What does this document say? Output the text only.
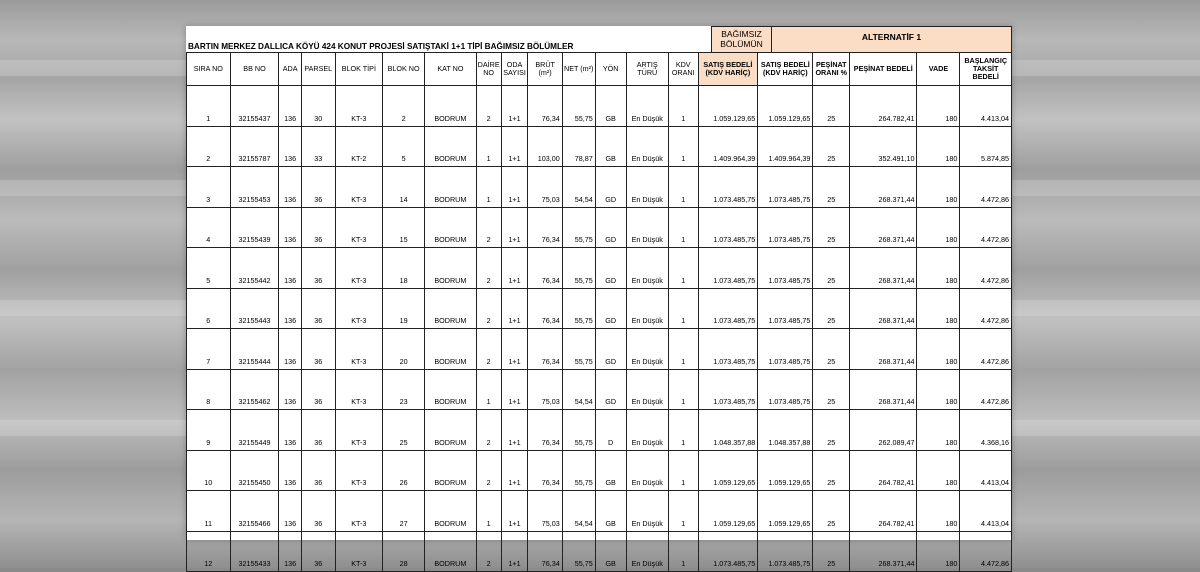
BARTIN MERKEZ DALLICA KÖYÜ 424 KONUT PROJESİ SATIŞTAKİ 1+1 TİPİ BAĞIMSIZ BÖLÜMLER
BAĞIMSIZ BÖLÜMÜN
ALTERNATİF 1
SIRA NO	BB NO	ADA	PARSEL	BLOK TİPİ	BLOK NO	KAT NO	DAİRE NO	ODA SAYISI	BRÜT (m²)	NET (m²)	YÖN	ARTIŞ TÜRÜ	KDV ORANI	SATIŞ BEDELİ (KDV HARİÇ)	SATIŞ BEDELİ (KDV HARİÇ)	PEŞİNAT ORANI %	PEŞİNAT BEDELİ	VADE	BAŞLANGIÇ TAKSİT BEDELİ
1	32155437	136	30	KT-3	2	BODRUM	2	1+1	76,34	55,75	GB	En Düşük	1	1.059.129,65	1.059.129,65	25	264.782,41	180	4.413,04
2	32155787	136	33	KT-2	5	BODRUM	1	1+1	103,00	78,87	GB	En Düşük	1	1.409.964,39	1.409.964,39	25	352.491,10	180	5.874,85
3	32155453	136	36	KT-3	14	BODRUM	1	1+1	75,03	54,54	GD	En Düşük	1	1.073.485,75	1.073.485,75	25	268.371,44	180	4.472,86
4	32155439	136	36	KT-3	15	BODRUM	2	1+1	76,34	55,75	GD	En Düşük	1	1.073.485,75	1.073.485,75	25	268.371,44	180	4.472,86
5	32155442	136	36	KT-3	18	BODRUM	2	1+1	76,34	55,75	GD	En Düşük	1	1.073.485,75	1.073.485,75	25	268.371,44	180	4.472,86
6	32155443	136	36	KT-3	19	BODRUM	2	1+1	76,34	55,75	GD	En Düşük	1	1.073.485,75	1.073.485,75	25	268.371,44	180	4.472,86
7	32155444	136	36	KT-3	20	BODRUM	2	1+1	76,34	55,75	GD	En Düşük	1	1.073.485,75	1.073.485,75	25	268.371,44	180	4.472,86
8	32155462	136	36	KT-3	23	BODRUM	1	1+1	75,03	54,54	GD	En Düşük	1	1.073.485,75	1.073.485,75	25	268.371,44	180	4.472,86
9	32155449	136	36	KT-3	25	BODRUM	2	1+1	76,34	55,75	D	En Düşük	1	1.048.357,88	1.048.357,88	25	262.089,47	180	4.368,16
10	32155450	136	36	KT-3	26	BODRUM	2	1+1	76,34	55,75	GB	En Düşük	1	1.059.129,65	1.059.129,65	25	264.782,41	180	4.413,04
11	32155466	136	36	KT-3	27	BODRUM	1	1+1	75,03	54,54	GB	En Düşük	1	1.059.129,65	1.059.129,65	25	264.782,41	180	4.413,04
12	32155433	136	36	KT-3	28	BODRUM	2	1+1	76,34	55,75	GB	En Düşük	1	1.073.485,75	1.073.485,75	25	268.371,44	180	4.472,86
